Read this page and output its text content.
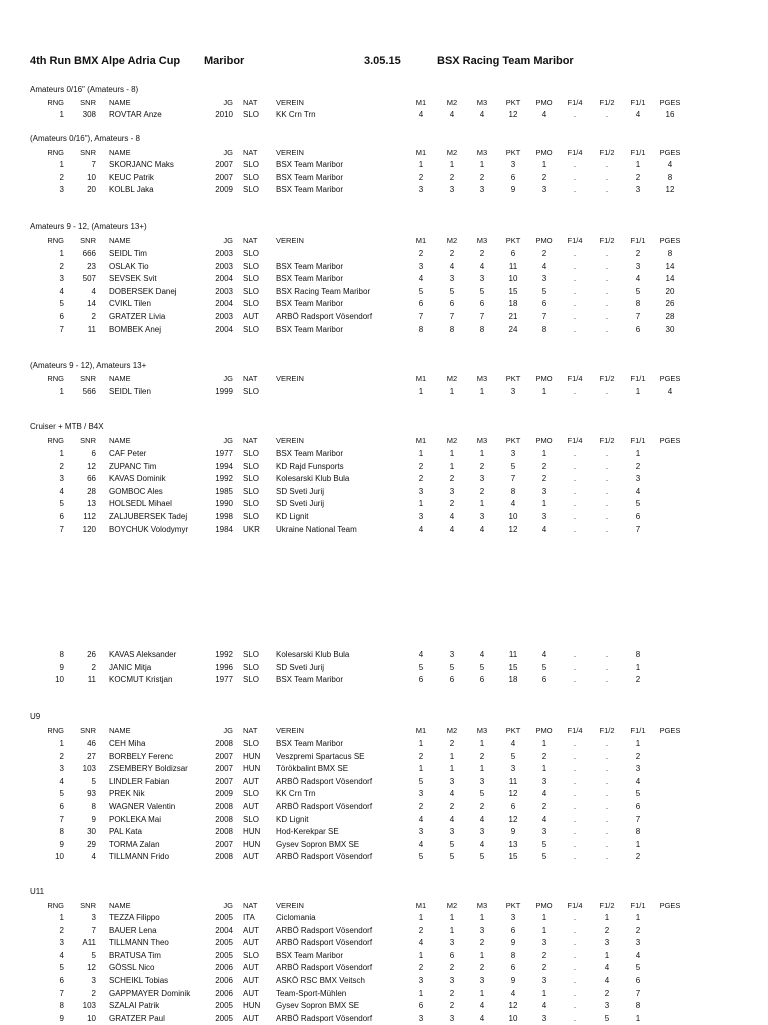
4th Run BMX Alpe Adria Cup Maribor	3.05.15	BSX Racing Team Maribor
Amateurs 0/16" (Amateurs - 8)
RNG	SNR NAME	JG NAT VEREIN	M1	M2	M3	PKT	PMO	F1/4	F1/2	F1/1	PGES
1	308 ROVTAR Anze	2010 SLO KK Crn Trn	4	4	4	12	4	.	.	4	16
(Amateurs 0/16"), Amateurs - 8
RNG	SNR NAME	JG NAT VEREIN	M1	M2	M3	PKT	PMO	F1/4	F1/2	F1/1	PGES
1	7 SKORJANC Maks	2007 SLO BSX Team Maribor	1	1	1	3	1	.	.	1	4
2	10 KEUC Patrik	2007 SLO BSX Team Maribor	2	2	2	6	2	.	.	2	8
3	20 KOLBL Jaka	2009 SLO BSX Team Maribor	3	3	3	9	3	.	.	3	12
Amateurs 9 - 12, (Amateurs 13+)
RNG	SNR NAME	JG NAT VEREIN	M1	M2	M3	PKT	PMO	F1/4	F1/2	F1/1	PGES
1	666 SEIDL Tim	2003 SLO	2	2	2	6	2	.	.	2	8
2	23 OSLAK Tio	2003 SLO BSX Team Maribor	3	4	4	11	4	.	.	3	14
3	507 SEVSEK Svit	2004 SLO BSX Team Maribor	4	3	3	10	3	.	.	4	14
4	4 DOBERSEK Danej	2003 SLO BSX Racing Team Maribor	5	5	5	15	5	.	.	5	20
5	14 CVIKL Tilen	2004 SLO BSX Team Maribor	6	6	6	18	6	.	.	8	26
6	2 GRATZER Livia	2003 AUT ARBÖ Radsport Vösendorf	7	7	7	21	7	.	.	7	28
7	11 BOMBEK Anej	2004 SLO BSX Team Maribor	8	8	8	24	8	.	.	6	30
(Amateurs 9 - 12), Amateurs 13+
RNG	SNR NAME	JG NAT VEREIN	M1	M2	M3	PKT	PMO	F1/4	F1/2	F1/1	PGES
1	566 SEIDL Tilen	1999 SLO	1	1	1	3	1	.	.	1	4
Cruiser + MTB / B4X
RNG	SNR NAME	JG NAT VEREIN	M1	M2	M3	PKT	PMO	F1/4	F1/2	F1/1	PGES
1	6 CAF Peter	1977 SLO BSX Team Maribor	1	1	1	3	1	.	.	1
2	12 ZUPANC Tim	1994 SLO KD Rajd Funsports	2	1	2	5	2	.	.	2
3	66 KAVAS Dominik	1992 SLO Kolesarski Klub Bula	2	2	3	7	2	.	.	3
4	28 GOMBOC Ales	1985 SLO SD Sveti Jurij	3	3	2	8	3	.	.	4
5	13 HOLSEDL Mihael	1990 SLO SD Sveti Jurij	1	2	1	4	1	.	.	5
6	112 ZALJUBERSEK Tadej	1998 SLO KD Lignit	3	4	3	10	3	.	.	6
7	120 BOYCHUK Volodymyr	1984 UKR Ukraine National Team	4	4	4	12	4	.	.	7
8	26 KAVAS Aleksander	1992 SLO Kolesarski Klub Bula	4	3	4	11	4	.	.	8
9	2 JANIC Mitja	1996 SLO SD Sveti Jurij	5	5	5	15	5	.	.	1
10	11 KOCMUT Kristjan	1977 SLO BSX Team Maribor	6	6	6	18	6	.	.	2
U9
RNG	SNR NAME	JG NAT VEREIN	M1	M2	M3	PKT	PMO	F1/4	F1/2	F1/1	PGES
1	46 CEH Miha	2008 SLO BSX Team Maribor	1	2	1	4	1	.	.	1
2	27 BORBELY Ferenc	2007 HUN Veszpremi Spartacus SE	2	1	2	5	2	.	.	2
3	103 ZSEMBERY Boldizsar	2007 HUN Törökbalint BMX SE	1	1	1	3	1	.	.	3
4	5 LINDLER Fabian	2007 AUT ARBÖ Radsport Vösendorf	5	3	3	11	3	.	.	4
5	93 PREK Nik	2009 SLO KK Crn Trn	3	4	5	12	4	.	.	5
6	8 WAGNER Valentin	2008 AUT ARBÖ Radsport Vösendorf	2	2	2	6	2	.	.	6
7	9 POKLEKA Mai	2008 SLO KD Lignit	4	4	4	12	4	.	.	7
8	30 PAL Kata	2008 HUN Hod-Kerekpar SE	3	3	3	9	3	.	.	8
9	29 TORMA Zalan	2007 HUN Gysev Sopron BMX SE	4	5	4	13	5	.	.	1
10	4 TILLMANN Frido	2008 AUT ARBÖ Radsport Vösendorf	5	5	5	15	5	.	.	2
U11
RNG	SNR NAME	JG NAT VEREIN	M1	M2	M3	PKT	PMO	F1/4	F1/2	F1/1	PGES
1	3 TEZZA Filippo	2005 ITA	Ciclomania	1	1	1	3	1	.	1	1
2	7 BAUER Lena	2004 AUT ARBÖ Radsport Vösendorf	2	1	3	6	1	.	2	2
3	A11 TILLMANN Theo	2005 AUT ARBÖ Radsport Vösendorf	4	3	2	9	3	.	3	3
4	5 BRATUSA Tim	2005 SLO BSX Team Maribor	1	6	1	8	2	.	1	4
5	12 GÖSSL Nico	2006 AUT ARBÖ Radsport Vösendorf	2	2	2	6	2	.	4	5
6	3 SCHEIKL Tobias	2006 AUT ASKÖ RSC BMX Veitsch	3	3	3	9	3	.	4	6
7	2 GAPPMAYER Dominik	2006 AUT Team-Sport-Mühlen	1	2	1	4	1	.	2	7
8	103 SZALAI Patrik	2005 HUN Gysev Sopron BMX SE	6	2	4	12	4	.	3	8
9	10 GRATZER Paul	2005 AUT ARBÖ Radsport Vösendorf	3	3	4	10	3	.	5	1
